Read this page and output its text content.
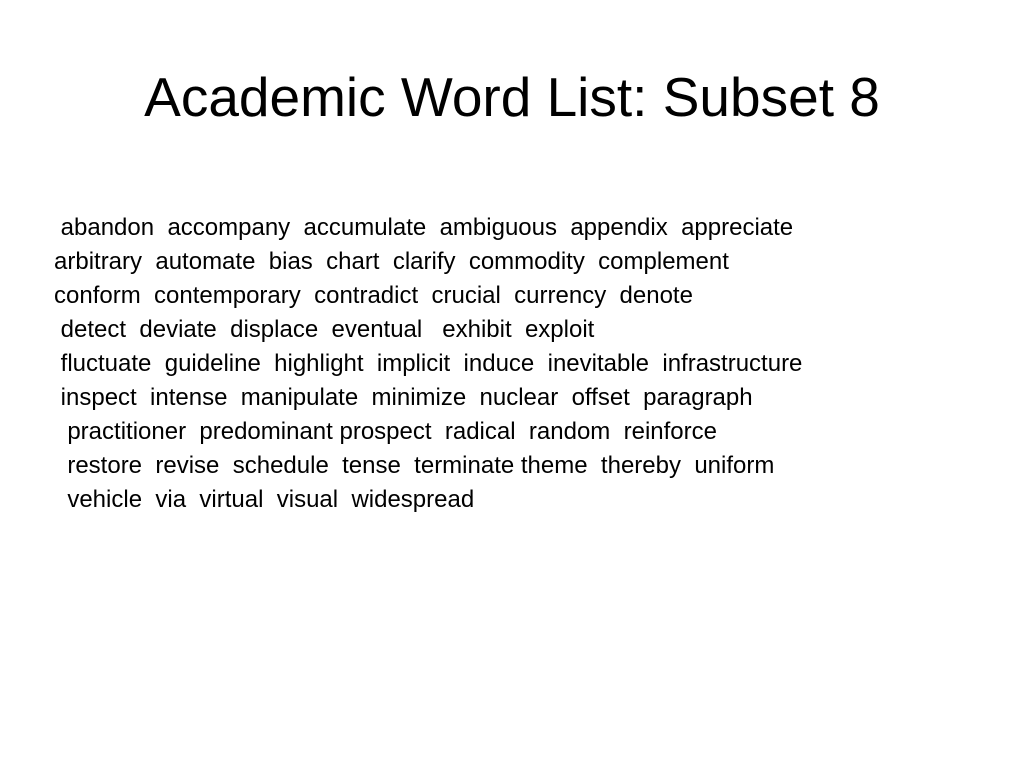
Academic Word List: Subset 8
abandon  accompany  accumulate  ambiguous  appendix  appreciate
arbitrary  automate  bias  chart  clarify  commodity  complement
conform  contemporary  contradict  crucial  currency  denote
detect  deviate  displace  eventual   exhibit  exploit
fluctuate  guideline  highlight  implicit  induce  inevitable  infrastructure
inspect  intense  manipulate  minimize  nuclear  offset  paragraph
practitioner  predominant prospect  radical  random  reinforce
restore  revise  schedule  tense  terminate theme  thereby  uniform
vehicle  via  virtual  visual  widespread
